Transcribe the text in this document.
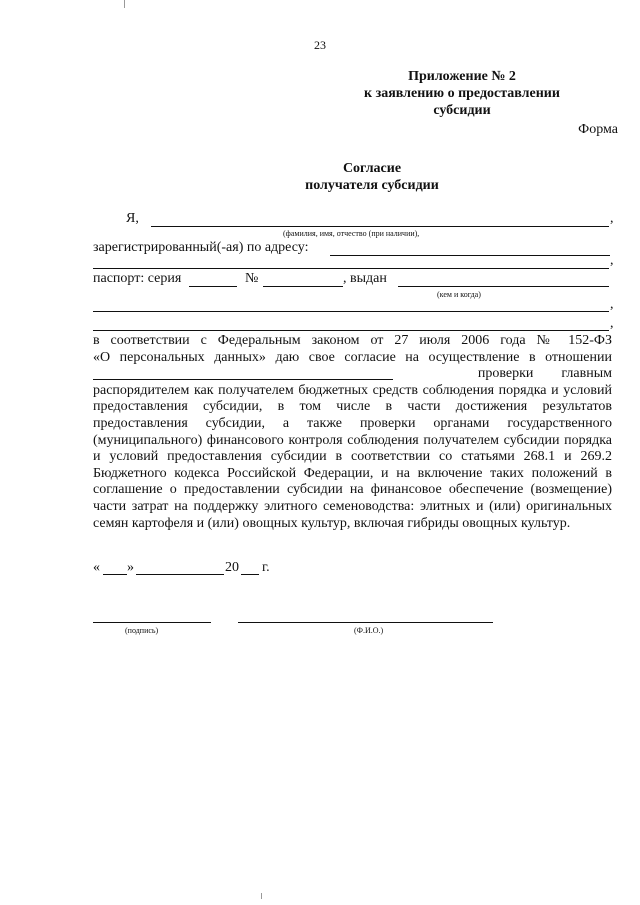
23
Приложение № 2
к заявлению о предоставлении
субсидии
Форма
Согласие
получателя субсидии
Я,	,
(фамилия, имя, отчество (при наличии),
зарегистрированный(-ая) по адресу:
,
паспорт: серия	№	, выдан
(кем и когда)
,
,

в соответствии с Федеральным законом от 27 июля 2006 года № 152-ФЗ

«О персональных данных» даю свое согласие на осуществление в отношении

проверки        главным

распорядителем как получателем бюджетных средств соблюдения порядка и условий предоставления субсидии, в том числе в части достижения результатов предоставления субсидии, а также проверки органами государственного (муниципального) финансового контроля соблюдения получателем субсидии порядка и условий предоставления субсидии в соответствии со статьями 268.1 и 269.2 Бюджетного кодекса Российской Федерации, и на включение таких положений в соглашение о предоставлении субсидии на финансовое обеспечение (возмещение) части затрат на поддержку элитного семеноводства: элитных и (или) оригинальных семян картофеля и (или) овощных культур, включая гибриды овощных культур.

« »	20 г.
(подпись)	(Ф.И.О.)
